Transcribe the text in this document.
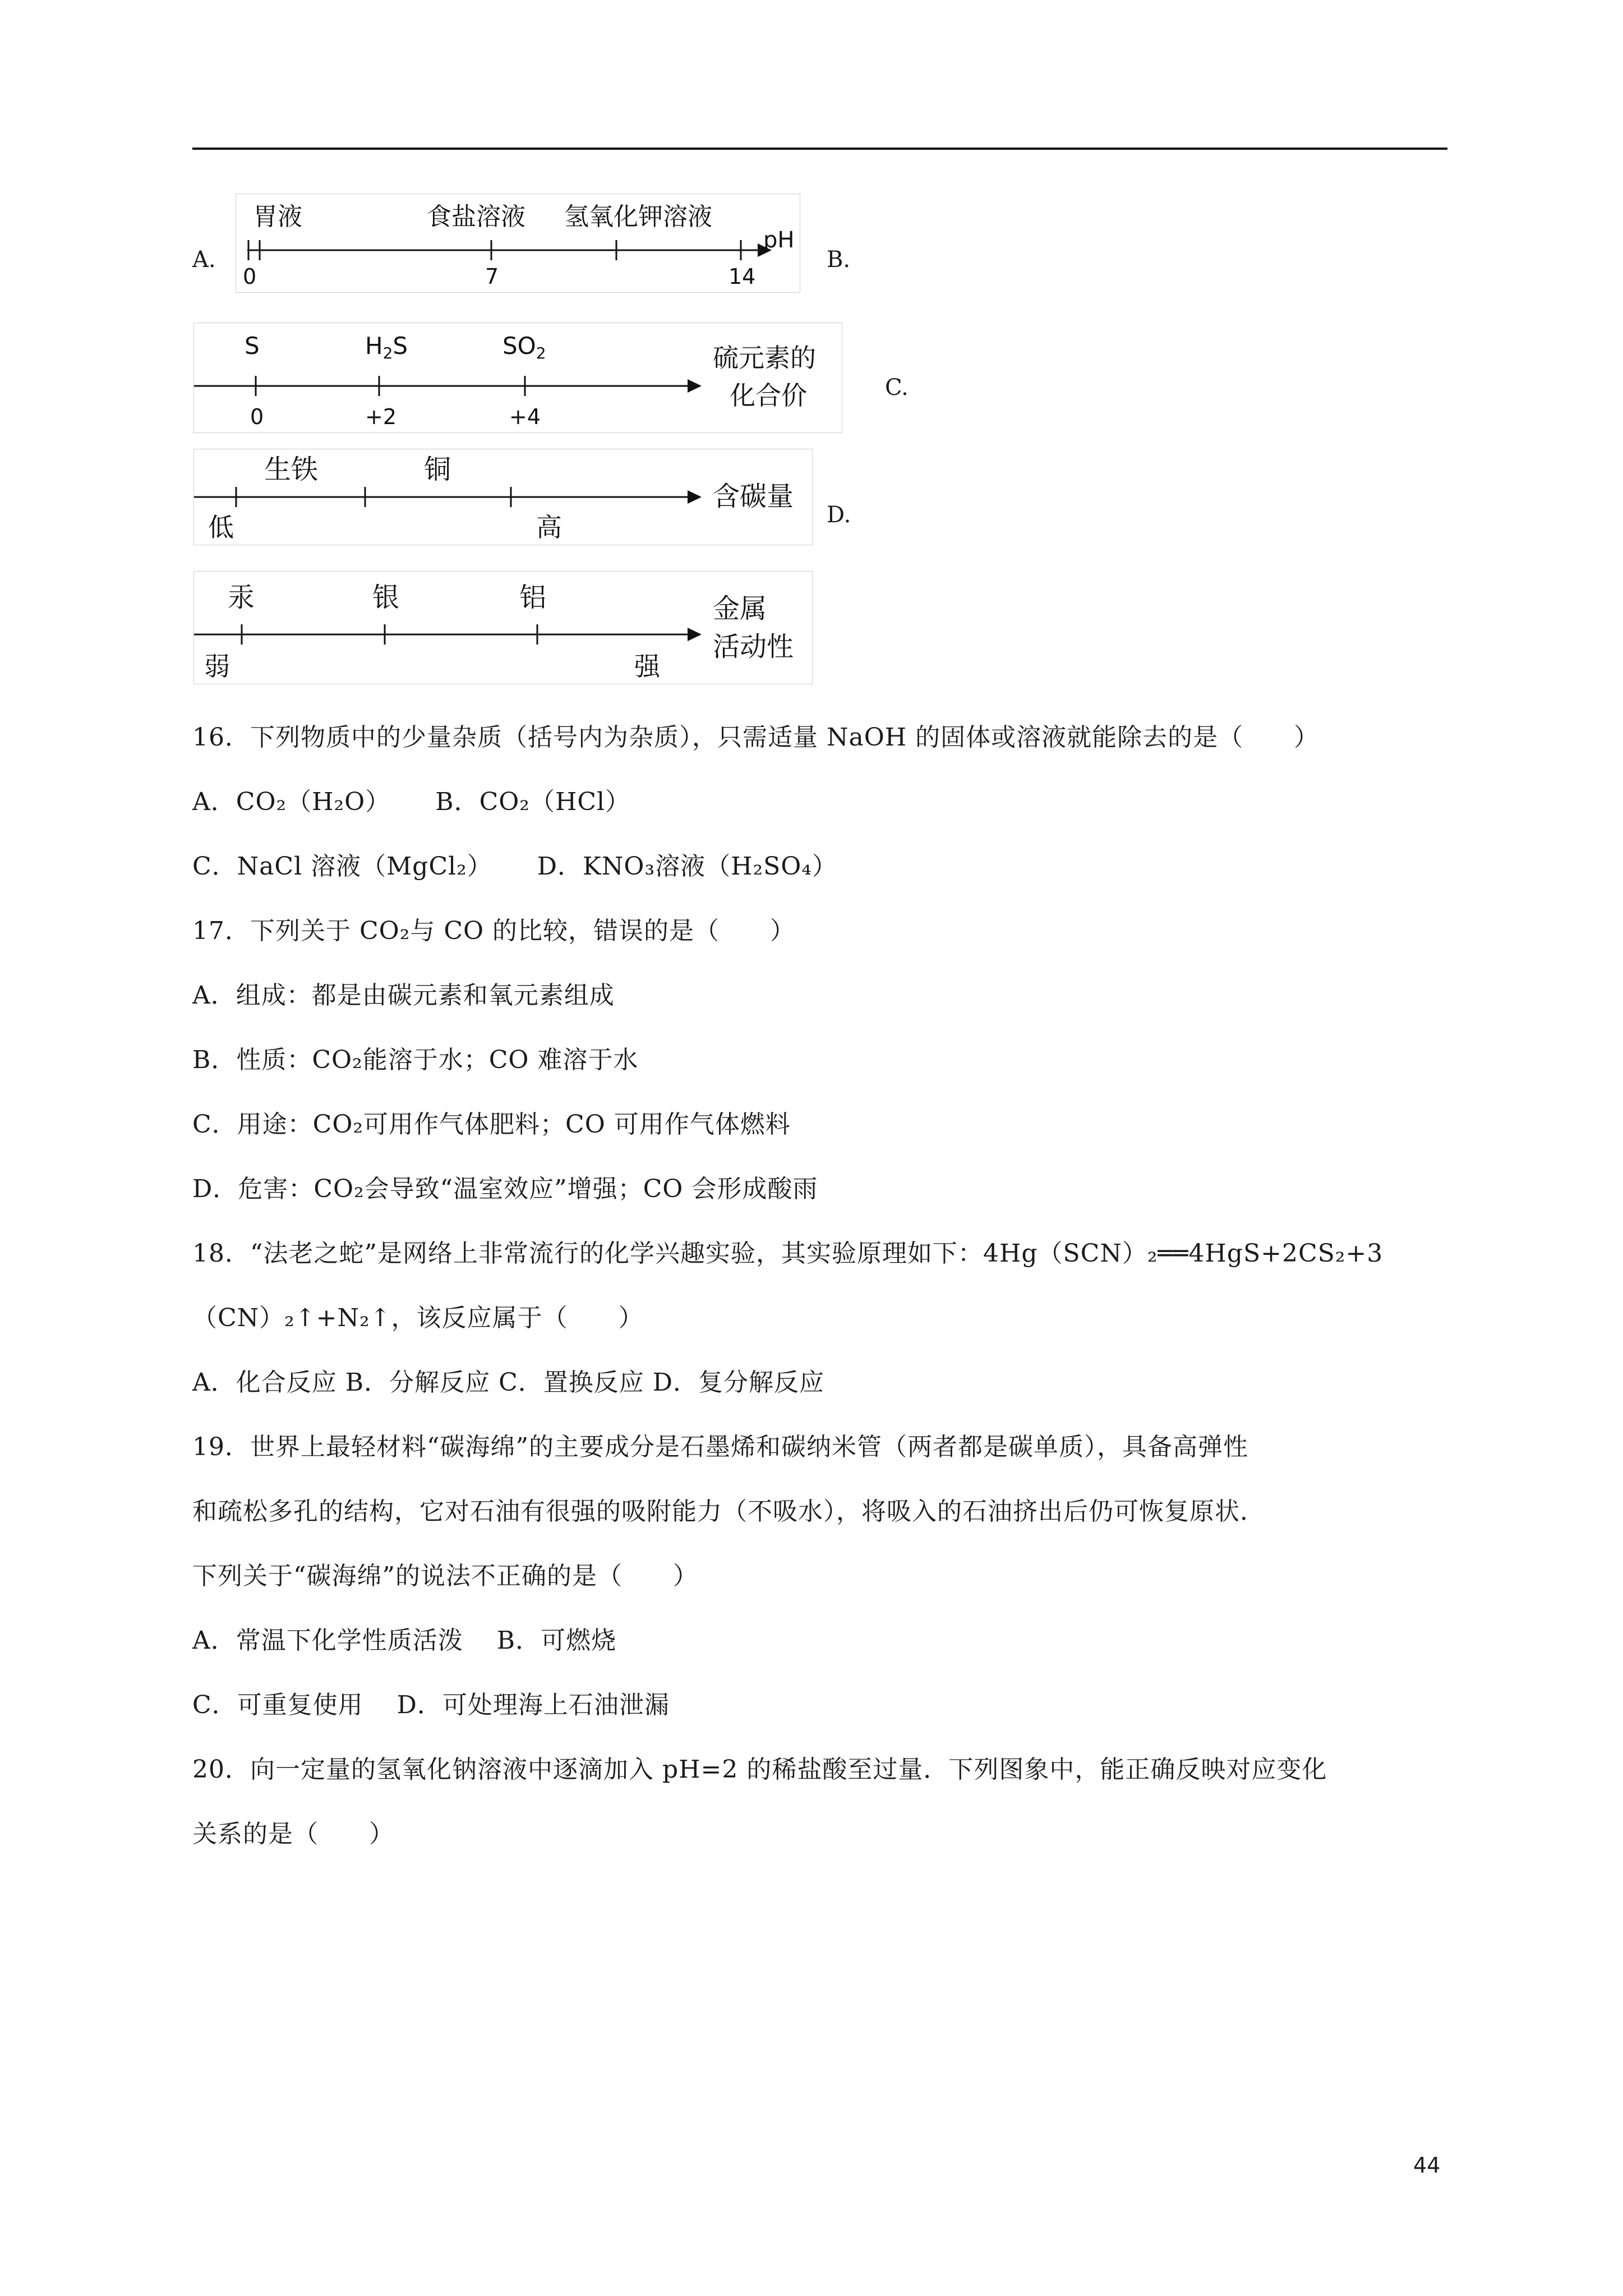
A.
胃液	食盐溶液 氢氧化钾溶液
0	7	14
pH
B.
S	H2S	SO2
0	+2	+4
硫元素的
化合价	C.
生铁	铜
低	高
含碳量
D.
汞	银	铝
弱	强
金属
活动性
16．下列物质中的少量杂质（括号内为杂质），只需适量 NaOH 的固体或溶液就能除去的是（　　）
A．CO₂（H₂O） B．CO₂（HCl）
C．NaCl 溶液（MgCl₂） D．KNO₃溶液（H₂SO₄）
17．下列关于 CO₂与 CO 的比较，错误的是（　　）
A．组成：都是由碳元素和氧元素组成
B．性质：CO₂能溶于水；CO 难溶于水
C．用途：CO₂可用作气体肥料；CO 可用作气体燃料
D．危害：CO₂会导致“温室效应”增强；CO 会形成酸雨
18．“法老之蛇”是网络上非常流行的化学兴趣实验，其实验原理如下：4Hg（SCN）₂══4HgS+2CS₂+3
（CN）₂↑+N₂↑，该反应属于（　　）
A．化合反应 B．分解反应 C．置换反应 D．复分解反应
19．世界上最轻材料“碳海绵”的主要成分是石墨烯和碳纳米管（两者都是碳单质），具备高弹性
和疏松多孔的结构，它对石油有很强的吸附能力（不吸水），将吸入的石油挤出后仍可恢复原状．
下列关于“碳海绵”的说法不正确的是（　　）
A．常温下化学性质活泼　 B．可燃烧
C．可重复使用　 D．可处理海上石油泄漏
20．向一定量的氢氧化钠溶液中逐滴加入 pH=2 的稀盐酸至过量．下列图象中，能正确反映对应变化
关系的是（　　）
44
